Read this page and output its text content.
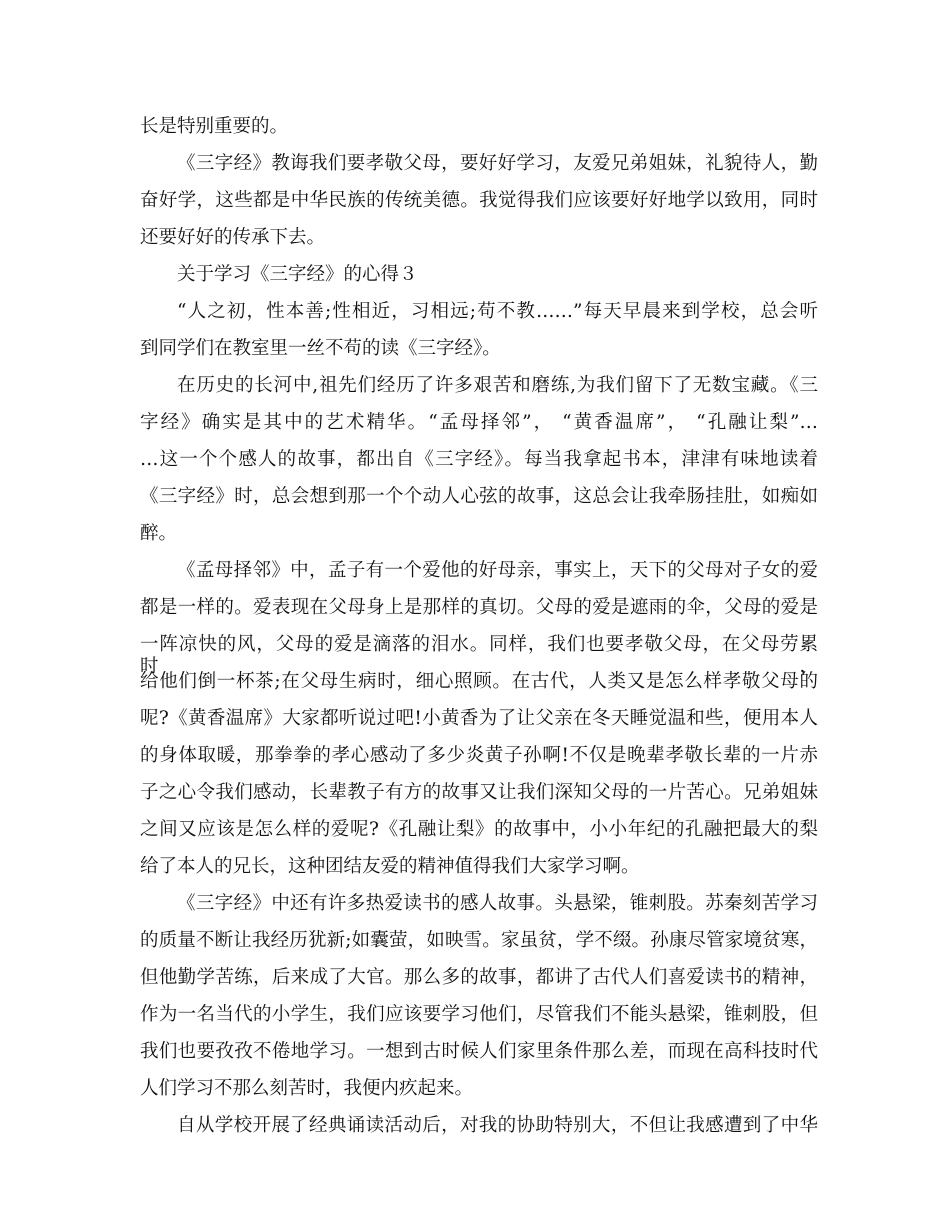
长是特别重要的。
《三字经》教诲我们要孝敬父母，要好好学习，友爱兄弟姐妹，礼貌待人，勤
奋好学，这些都是中华民族的传统美德。我觉得我们应该要好好地学以致用，同时
还要好好的传承下去。
关于学习《三字经》的心得３
“人之初，性本善;性相近，习相远;苟不教……”每天早晨来到学校，总会听
到同学们在教室里一丝不苟的读《三字经》。
在历史的长河中,祖先们经历了许多艰苦和磨练,为我们留下了无数宝藏。《三
字经》确实是其中的艺术精华。“孟母择邻”， “黄香温席”， “孔融让梨”…
…这一个个感人的故事，都出自《三字经》。每当我拿起书本，津津有味地读着
《三字经》时，总会想到那一个个动人心弦的故事，这总会让我牵肠挂肚，如痴如
醉。
《孟母择邻》中，孟子有一个爱他的好母亲，事实上，天下的父母对子女的爱
都是一样的。爱表现在父母身上是那样的真切。父母的爱是遮雨的伞，父母的爱是
一阵凉快的风，父母的爱是滴落的泪水。同样，我们也要孝敬父母，在父母劳累时，
给他们倒一杯茶;在父母生病时，细心照顾。在古代，人类又是怎么样孝敬父母的
呢?《黄香温席》大家都听说过吧!小黄香为了让父亲在冬天睡觉温和些，便用本人
的身体取暖，那拳拳的孝心感动了多少炎黄子孙啊!不仅是晚辈孝敬长辈的一片赤
子之心令我们感动，长辈教子有方的故事又让我们深知父母的一片苦心。兄弟姐妹
之间又应该是怎么样的爱呢?《孔融让梨》的故事中，小小年纪的孔融把最大的梨
给了本人的兄长，这种团结友爱的精神值得我们大家学习啊。
《三字经》中还有许多热爱读书的感人故事。头悬梁，锥刺股。苏秦刻苦学习
的质量不断让我经历犹新;如囊萤，如映雪。家虽贫，学不缀。孙康尽管家境贫寒，
但他勤学苦练，后来成了大官。那么多的故事，都讲了古代人们喜爱读书的精神，
作为一名当代的小学生，我们应该要学习他们，尽管我们不能头悬梁，锥刺股，但
我们也要孜孜不倦地学习。一想到古时候人们家里条件那么差，而现在高科技时代
人们学习不那么刻苦时，我便内疚起来。
自从学校开展了经典诵读活动后，对我的协助特别大，不但让我感遭到了中华
